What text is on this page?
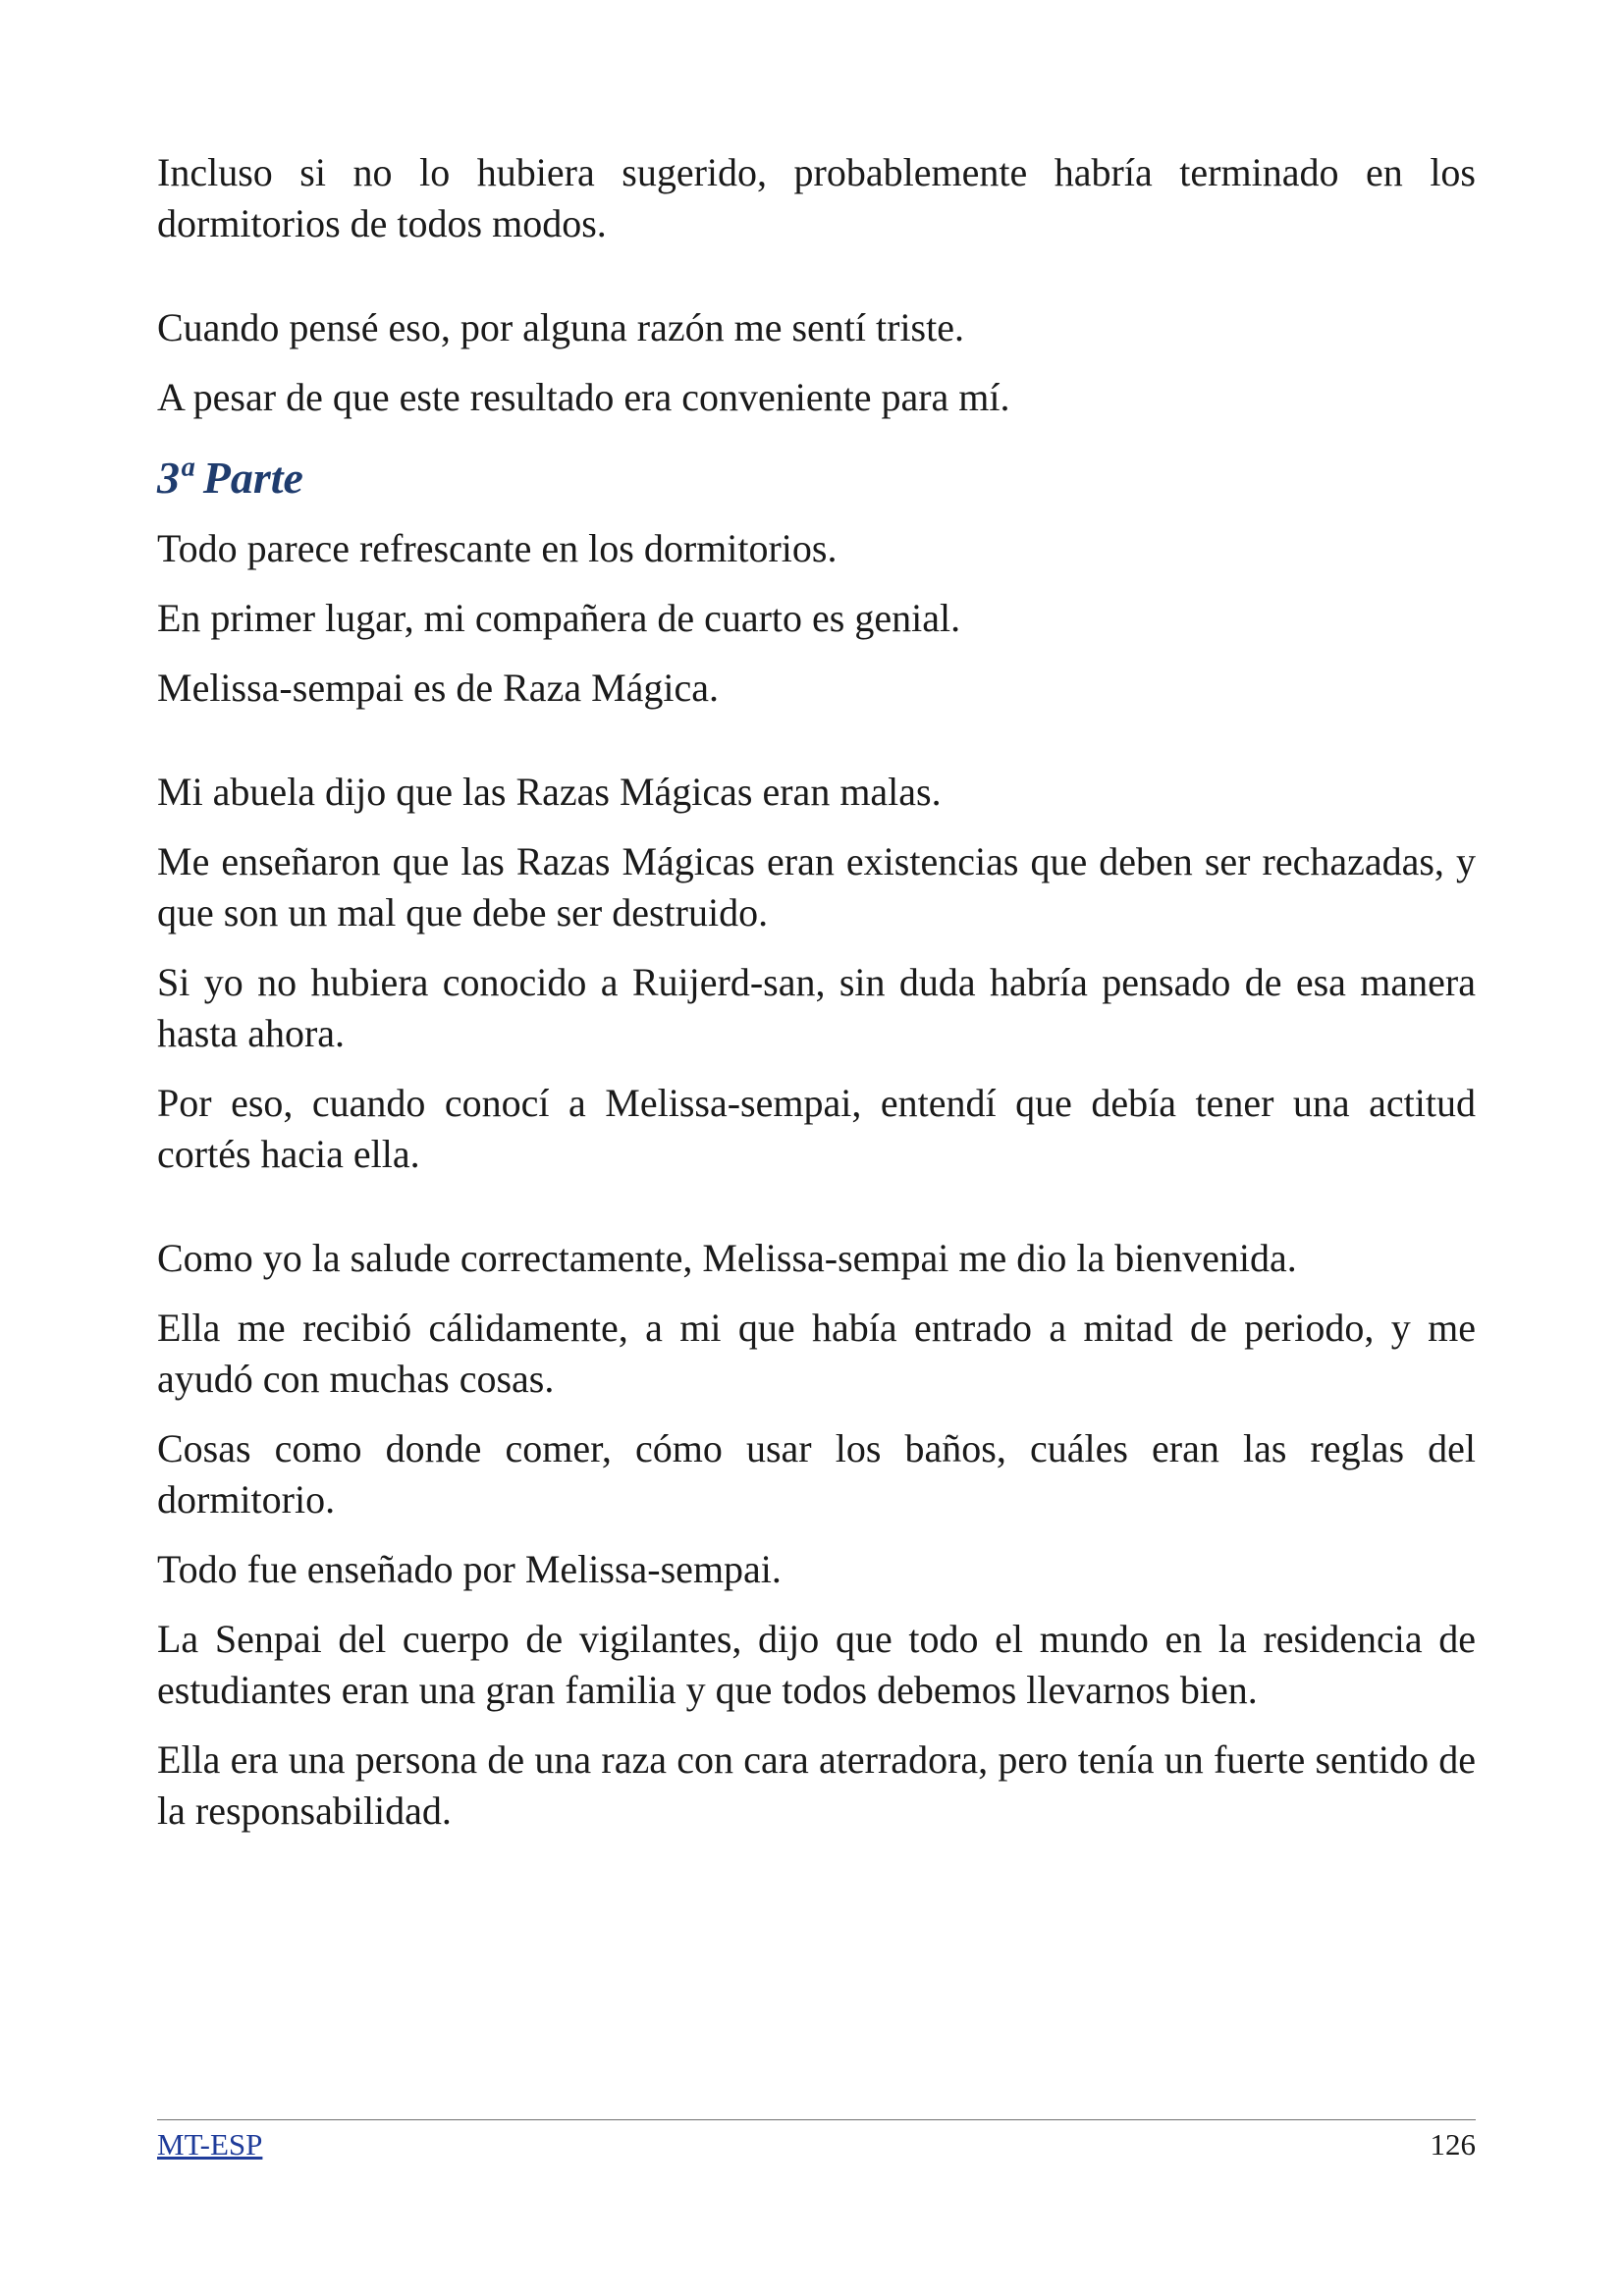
Incluso si no lo hubiera sugerido, probablemente habría terminado en los dormitorios de todos modos.

Cuando pensé eso, por alguna razón me sentí triste.

A pesar de que este resultado era conveniente para mí.

3ª Parte

Todo parece refrescante en los dormitorios.

En primer lugar, mi compañera de cuarto es genial.

Melissa-sempai es de Raza Mágica.

Mi abuela dijo que las Razas Mágicas eran malas.

Me enseñaron que las Razas Mágicas eran existencias que deben ser rechazadas, y que son un mal que debe ser destruido.

Si yo no hubiera conocido a Ruijerd-san, sin duda habría pensado de esa manera hasta ahora.

Por eso, cuando conocí a Melissa-sempai, entendí que debía tener una actitud cortés hacia ella.

Como yo la salude correctamente, Melissa-sempai me dio la bienvenida.

Ella me recibió cálidamente, a mi que había entrado a mitad de periodo, y me ayudó con muchas cosas.

Cosas como donde comer, cómo usar los baños, cuáles eran las reglas del dormitorio.

Todo fue enseñado por Melissa-sempai.

La Senpai del cuerpo de vigilantes, dijo que todo el mundo en la residencia de estudiantes eran una gran familia y que todos debemos llevarnos bien.

Ella era una persona de una raza con cara aterradora, pero tenía un fuerte sentido de la responsabilidad.

MT-ESP	126
